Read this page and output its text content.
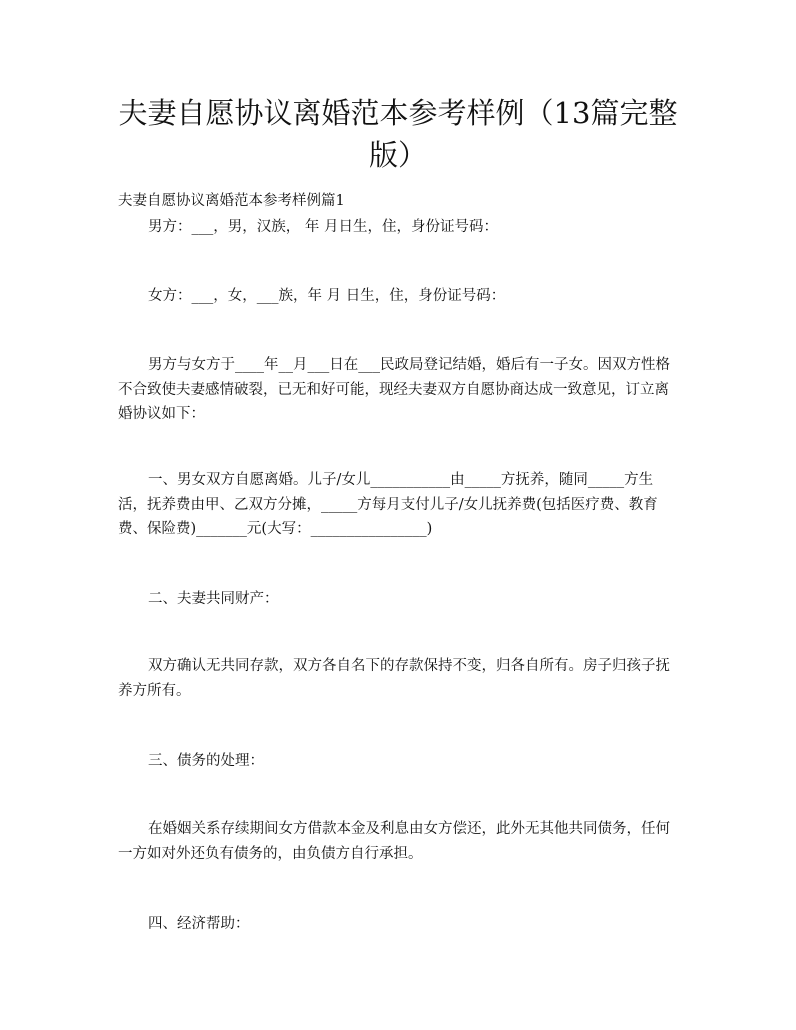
夫妻自愿协议离婚范本参考样例（13篇完整版）
夫妻自愿协议离婚范本参考样例篇1

男方：___，男，汉族， 年 月日生，住，身份证号码：

女方：___，女，___族，年 月 日生，住，身份证号码：

男方与女方于____年__月___日在___民政局登记结婚，婚后有一子女。因双方性格不合致使夫妻感情破裂，已无和好可能，现经夫妻双方自愿协商达成一致意见，订立离婚协议如下：

一、男女双方自愿离婚。儿子/女儿___________由_____方抚养，随同_____方生活，抚养费由甲、乙双方分摊，_____方每月支付儿子/女儿抚养费(包括医疗费、教育费、保险费)_______元(大写：________________)

二、夫妻共同财产：

双方确认无共同存款，双方各自名下的存款保持不变，归各自所有。房子归孩子抚养方所有。

三、债务的处理：

在婚姻关系存续期间女方借款本金及利息由女方偿还，此外无其他共同债务，任何一方如对外还负有债务的，由负债方自行承担。

四、经济帮助：
